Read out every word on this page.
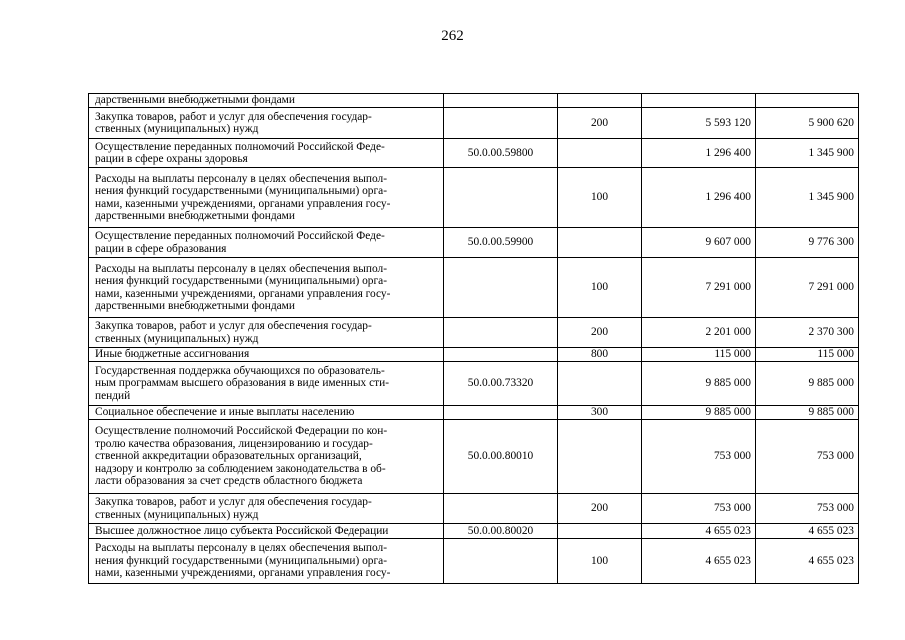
262
дарственными внебюджетными фондами				
Закупка товаров, работ и услуг для обеспечения государ-
ственных (муниципальных) нужд		200	5 593 120	5 900 620
Осуществление переданных полномочий Российской Феде-
рации в сфере охраны здоровья	50.0.00.59800		1 296 400	1 345 900
Расходы на выплаты персоналу в целях обеспечения выпол-
нения функций государственными (муниципальными) орга-
нами, казенными учреждениями, органами управления госу-
дарственными внебюджетными фондами		100	1 296 400	1 345 900
Осуществление переданных полномочий Российской Феде-
рации в сфере образования	50.0.00.59900		9 607 000	9 776 300
Расходы на выплаты персоналу в целях обеспечения выпол-
нения функций государственными (муниципальными) орга-
нами, казенными учреждениями, органами управления госу-
дарственными внебюджетными фондами		100	7 291 000	7 291 000
Закупка товаров, работ и услуг для обеспечения государ-
ственных (муниципальных) нужд		200	2 201 000	2 370 300
Иные бюджетные ассигнования		800	115 000	115 000
Государственная поддержка обучающихся по образователь-
ным программам высшего образования в виде именных сти-
пендий	50.0.00.73320		9 885 000	9 885 000
Социальное обеспечение и иные выплаты населению		300	9 885 000	9 885 000
Осуществление полномочий Российской Федерации по кон-
тролю качества образования, лицензированию и государ-
ственной аккредитации образовательных организаций,
надзору и контролю за соблюдением законодательства в об-
ласти образования за счет средств областного бюджета	50.0.00.80010		753 000	753 000
Закупка товаров, работ и услуг для обеспечения государ-
ственных (муниципальных) нужд		200	753 000	753 000
Высшее должностное лицо субъекта Российской Федерации	50.0.00.80020		4 655 023	4 655 023
Расходы на выплаты персоналу в целях обеспечения выпол-
нения функций государственными (муниципальными) орга-
нами, казенными учреждениями, органами управления госу-		100	4 655 023	4 655 023
